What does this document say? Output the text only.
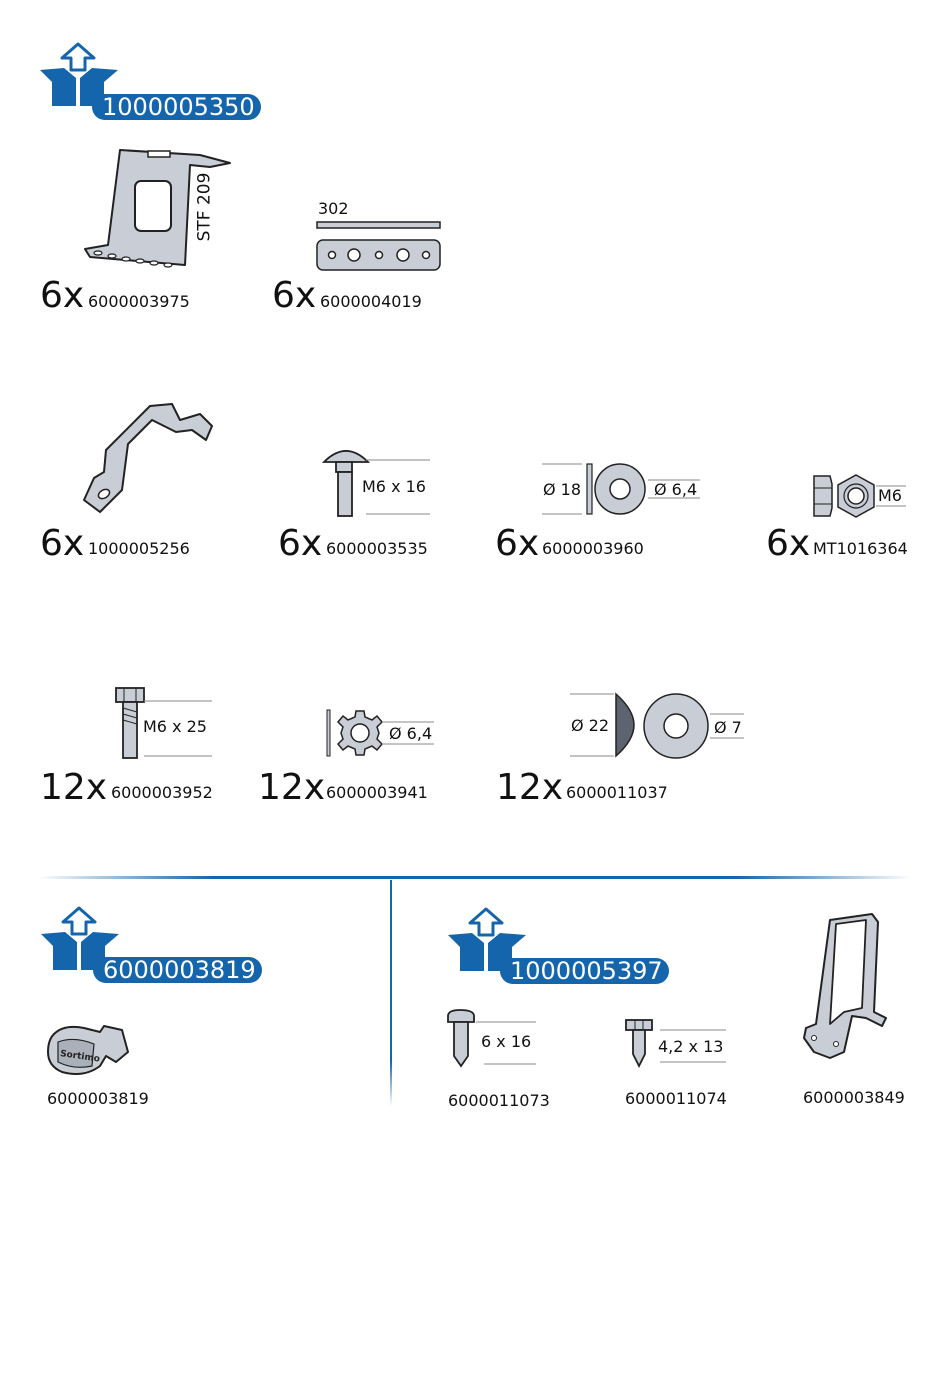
1000005350
STF 209
6x 6000003975
302
6x 6000004019
6x 1000005256
M6 x 16
6x 6000003535
Ø 18	Ø 6,4
6x 6000003960
M6
6x MT1016364
M6 x 25
12x 6000003952
Ø 6,4
12x 6000003941
Ø 22	Ø 7
12x 6000011037
6000003819
Sortimo
6000003819
1000005397
6 x 16
6000011073
4,2 x 13
6000011074	6000003849
